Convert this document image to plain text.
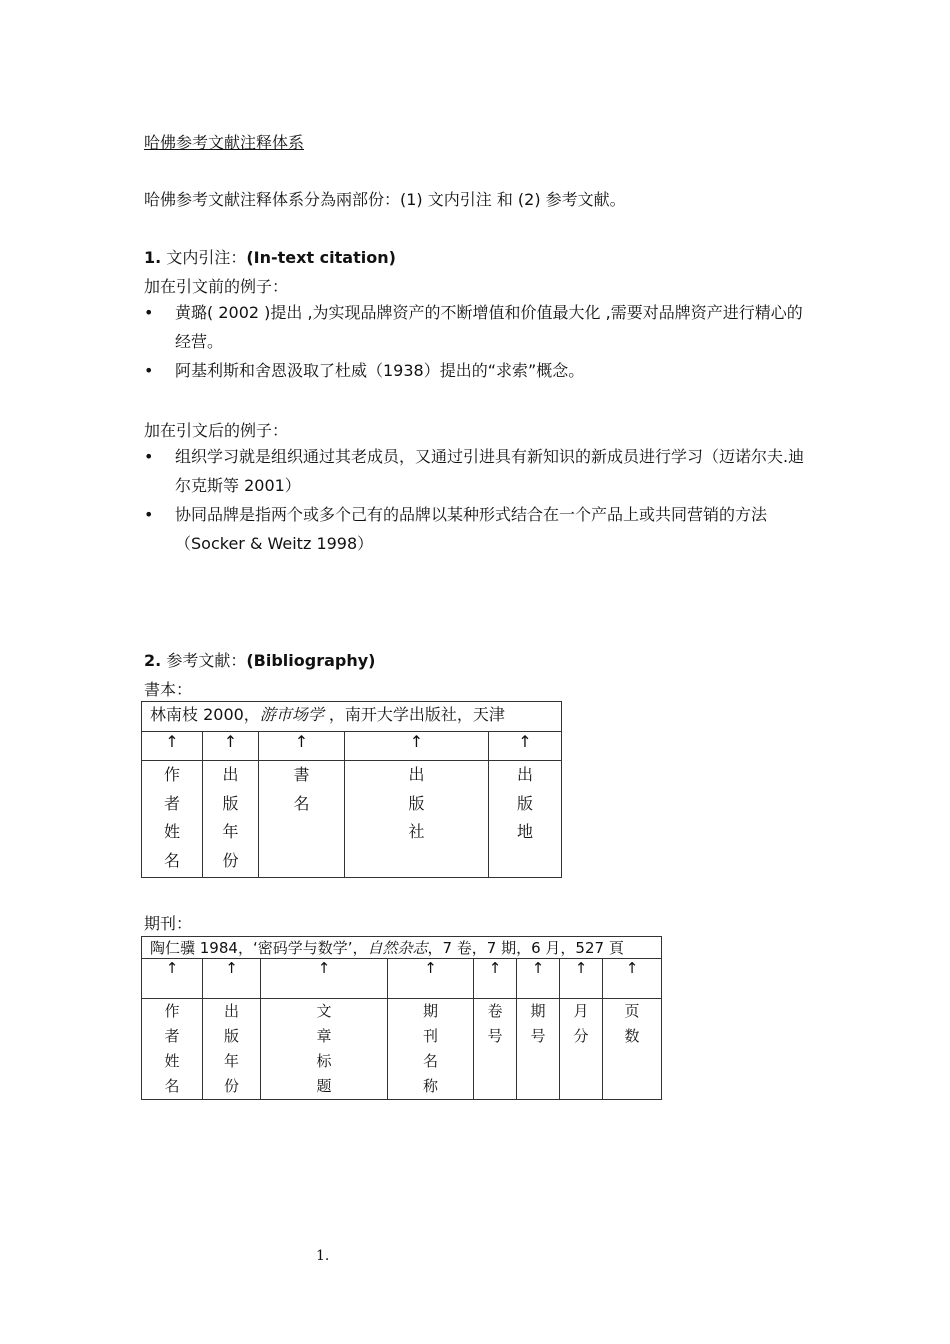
哈佛参考文献注释体系
哈佛参考文献注释体系分為兩部份：(1) 文内引注 和 (2) 参考文献。
1. 文内引注：(In-text citation)
加在引文前的例子：
• 黄璐( 2002 )提出 ,为实现品牌资产的不断增值和价值最大化 ,需要对品牌资产进行精心的经营。
• 阿基利斯和舍恩汲取了杜威（1938）提出的“求索”概念。
加在引文后的例子：
• 组织学习就是组织通过其老成员，又通过引进具有新知识的新成员进行学习（迈诺尔夫.迪尔克斯等 2001）
• 协同品牌是指两个或多个己有的品牌以某种形式结合在一个产品上或共同营销的方法（Socker & Weitz 1998）
2. 参考文献：(Bibliography)
書本：
林南枝 2000，游市场学 ，南开大学出版社，天津				
↑	↑	↑	↑	↑

作
者
姓
名	出
版
年
份	書
名	出
版
社	出
版
地
期刊：
陶仁骥 1984，‘密码学与数学’，自然杂志，7 卷，7 期，6 月，527 頁							
↑	↑	↑	↑	↑	↑	↑	↑

作
者
姓
名	出
版
年
份	文
章
标
题	期
刊
名
称	卷
号	期
号	月
分	页
数
1.
